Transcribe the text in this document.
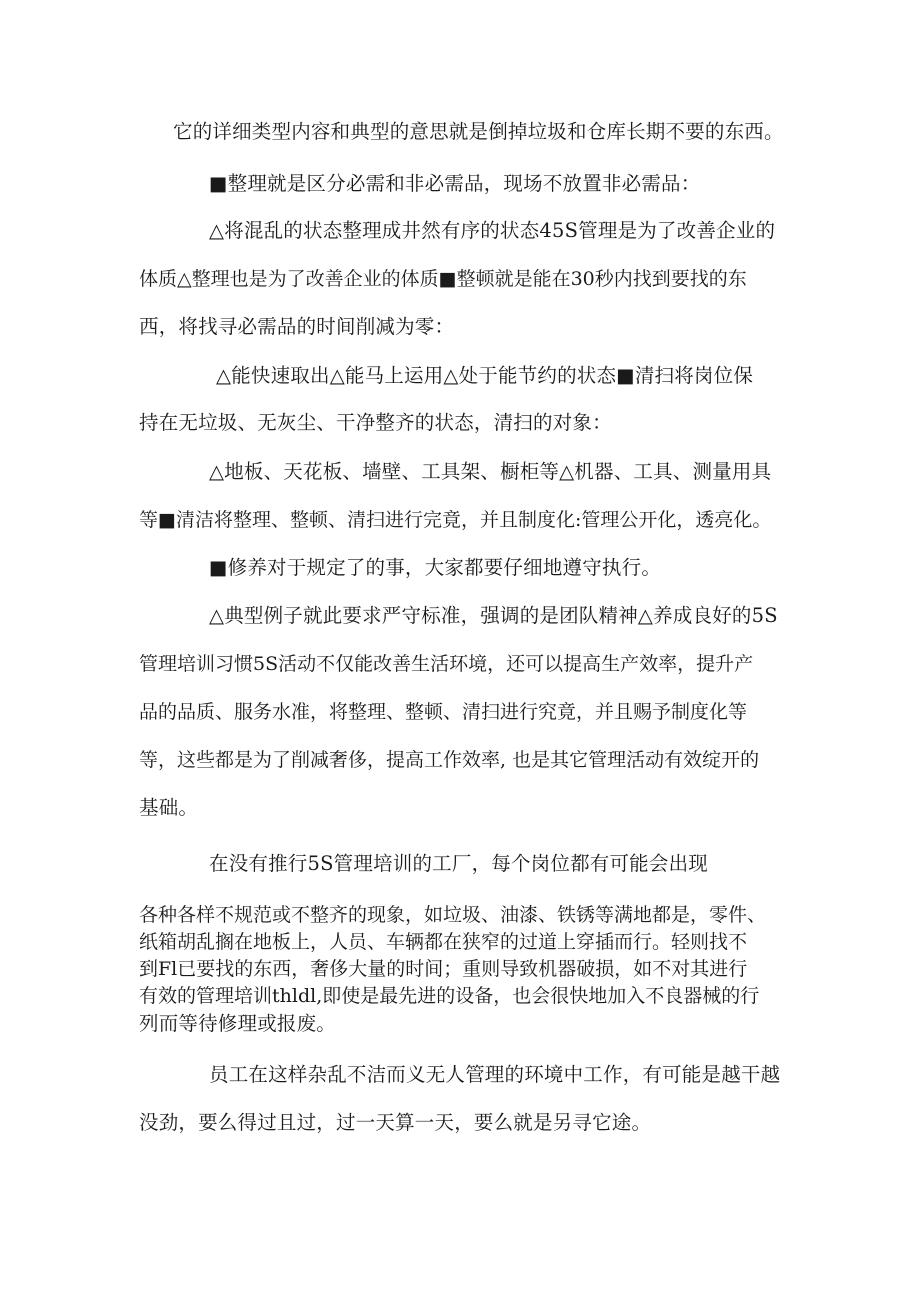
它的详细类型内容和典型的意思就是倒掉垃圾和仓库长期不要的东西。
■整理就是区分必需和非必需品，现场不放置非必需品：
△将混乱的状态整理成井然有序的状态45S管理是为了改善企业的
体质△整理也是为了改善企业的体质■整顿就是能在30秒内找到要找的东
西，将找寻必需品的时间削减为零：
△能快速取出△能马上运用△处于能节约的状态■清扫将岗位保
持在无垃圾、无灰尘、干净整齐的状态，清扫的对象：
△地板、天花板、墙壁、工具架、橱柜等△机器、工具、测量用具
等■清洁将整理、整顿、清扫进行完竟，并且制度化:管理公开化，透亮化。
■修养对于规定了的事，大家都要仔细地遵守执行。
△典型例子就此要求严守标准，强调的是团队精神△养成良好的5S
管理培训习惯5S活动不仅能改善生活环境，还可以提高生产效率，提升产
品的品质、服务水准，将整理、整顿、清扫进行究竟，并且赐予制度化等
等，这些都是为了削减奢侈，提高工作效率, 也是其它管理活动有效绽开的
基础。
在没有推行5S管理培训的工厂，每个岗位都有可能会出现
各种各样不规范或不整齐的现象，如垃圾、油漆、铁锈等满地都是，零件、
纸箱胡乱搁在地板上，人员、车辆都在狭窄的过道上穿插而行。轻则找不
到Fl已要找的东西，奢侈大量的时间；重则导致机器破损，如不对其进行
有效的管理培训thldl,即使是最先进的设备，也会很快地加入不良器械的行
列而等待修理或报废。
员工在这样杂乱不洁而义无人管理的环境中工作，有可能是越干越
没劲，要么得过且过，过一天算一天，要么就是另寻它途。
